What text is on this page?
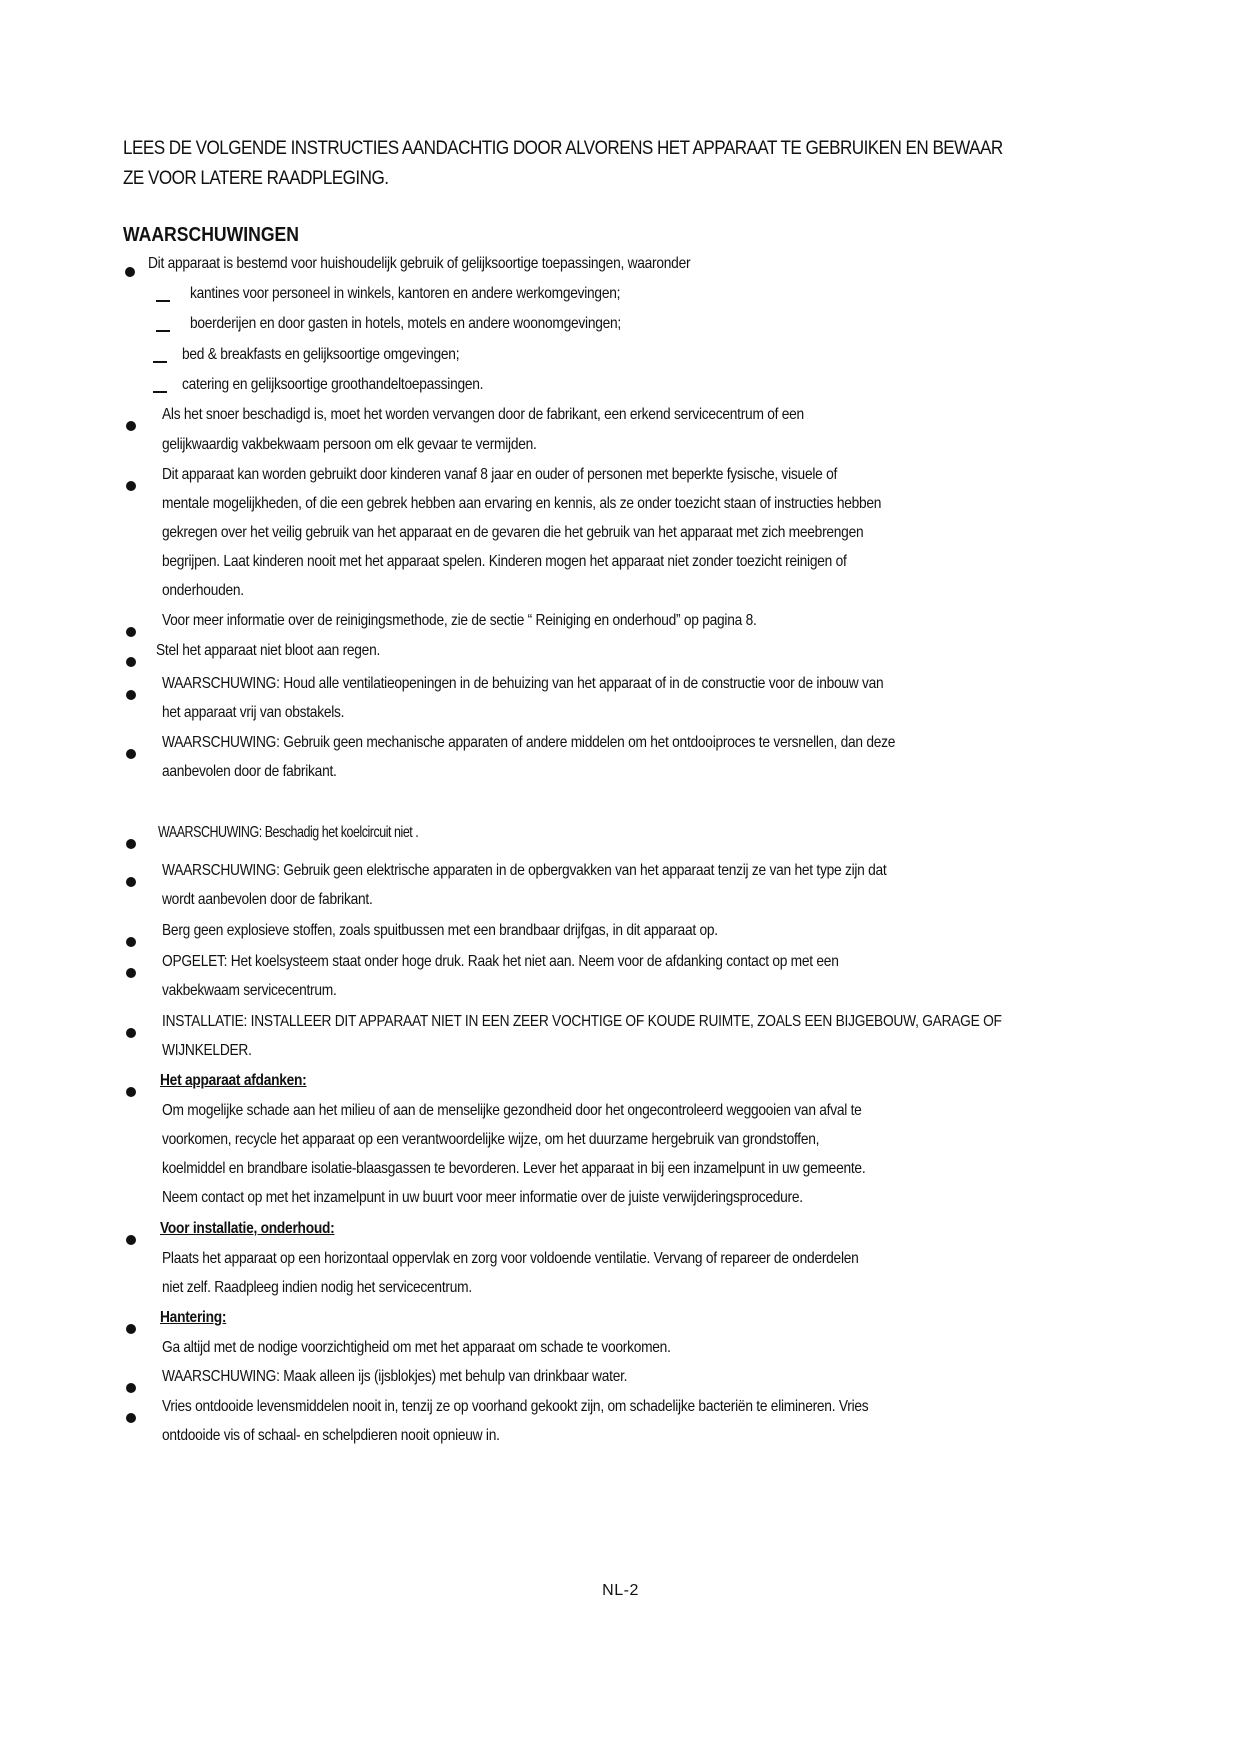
LEES DE VOLGENDE INSTRUCTIES AANDACHTIG DOOR ALVORENS HET APPARAAT TE GEBRUIKEN EN BEWAAR ZE VOOR LATERE RAADPLEGING.
WAARSCHUWINGEN
Dit apparaat is bestemd voor huishoudelijk gebruik of gelijksoortige toepassingen, waaronder
kantines voor personeel in winkels, kantoren en andere werkomgevingen;
boerderijen en door gasten in hotels, motels en andere woonomgevingen;
bed & breakfasts en gelijksoortige omgevingen;
catering en gelijksoortige groothandeltoepassingen.
Als het snoer beschadigd is, moet het worden vervangen door de fabrikant, een erkend servicecentrum of een
gelijkwaardig vakbekwaam persoon om elk gevaar te vermijden.
Dit apparaat kan worden gebruikt door kinderen vanaf 8 jaar en ouder of personen met beperkte fysische, visuele of
mentale mogelijkheden, of die een gebrek hebben aan ervaring en kennis, als ze onder toezicht staan of instructies hebben
gekregen over het veilig gebruik van het apparaat en de gevaren die het gebruik van het apparaat met zich meebrengen
begrijpen. Laat kinderen nooit met het apparaat spelen. Kinderen mogen het apparaat niet zonder toezicht reinigen of
onderhouden.
Voor meer informatie over de reinigingsmethode, zie de sectie “ Reiniging en onderhoud” op pagina 8.
Stel het apparaat niet bloot aan regen.
WAARSCHUWING: Houd alle ventilatieopeningen in de behuizing van het apparaat of in de constructie voor de inbouw van
het apparaat vrij van obstakels.
WAARSCHUWING: Gebruik geen mechanische apparaten of andere middelen om het ontdooiproces te versnellen, dan deze
aanbevolen door de fabrikant.
WAARSCHUWING: Beschadig het koelcircuit niet .
WAARSCHUWING: Gebruik geen elektrische apparaten in de opbergvakken van het apparaat tenzij ze van het type zijn dat
wordt aanbevolen door de fabrikant.
Berg geen explosieve stoffen, zoals spuitbussen met een brandbaar drijfgas, in dit apparaat op.
OPGELET: Het koelsysteem staat onder hoge druk. Raak het niet aan. Neem voor de afdanking contact op met een
vakbekwaam servicecentrum.
INSTALLATIE: INSTALLEER DIT APPARAAT NIET IN EEN ZEER VOCHTIGE OF KOUDE RUIMTE, ZOALS EEN BIJGEBOUW, GARAGE OF
WIJNKELDER.
Het apparaat afdanken:
Om mogelijke schade aan het milieu of aan de menselijke gezondheid door het ongecontroleerd weggooien van afval te
voorkomen, recycle het apparaat op een verantwoordelijke wijze, om het duurzame hergebruik van grondstoffen,
koelmiddel en brandbare isolatie-blaasgassen te bevorderen. Lever het apparaat in bij een inzamelpunt in uw gemeente.
Neem contact op met het inzamelpunt in uw buurt voor meer informatie over de juiste verwijderingsprocedure.
Voor installatie, onderhoud:
Plaats het apparaat op een horizontaal oppervlak en zorg voor voldoende ventilatie. Vervang of repareer de onderdelen
niet zelf. Raadpleeg indien nodig het servicecentrum.
Hantering:
Ga altijd met de nodige voorzichtigheid om met het apparaat om schade te voorkomen.
WAARSCHUWING: Maak alleen ijs (ijsblokjes) met behulp van drinkbaar water.
Vries ontdooide levensmiddelen nooit in, tenzij ze op voorhand gekookt zijn, om schadelijke bacteriën te elimineren. Vries
ontdooide vis of schaal- en schelpdieren nooit opnieuw in.
NL-2
